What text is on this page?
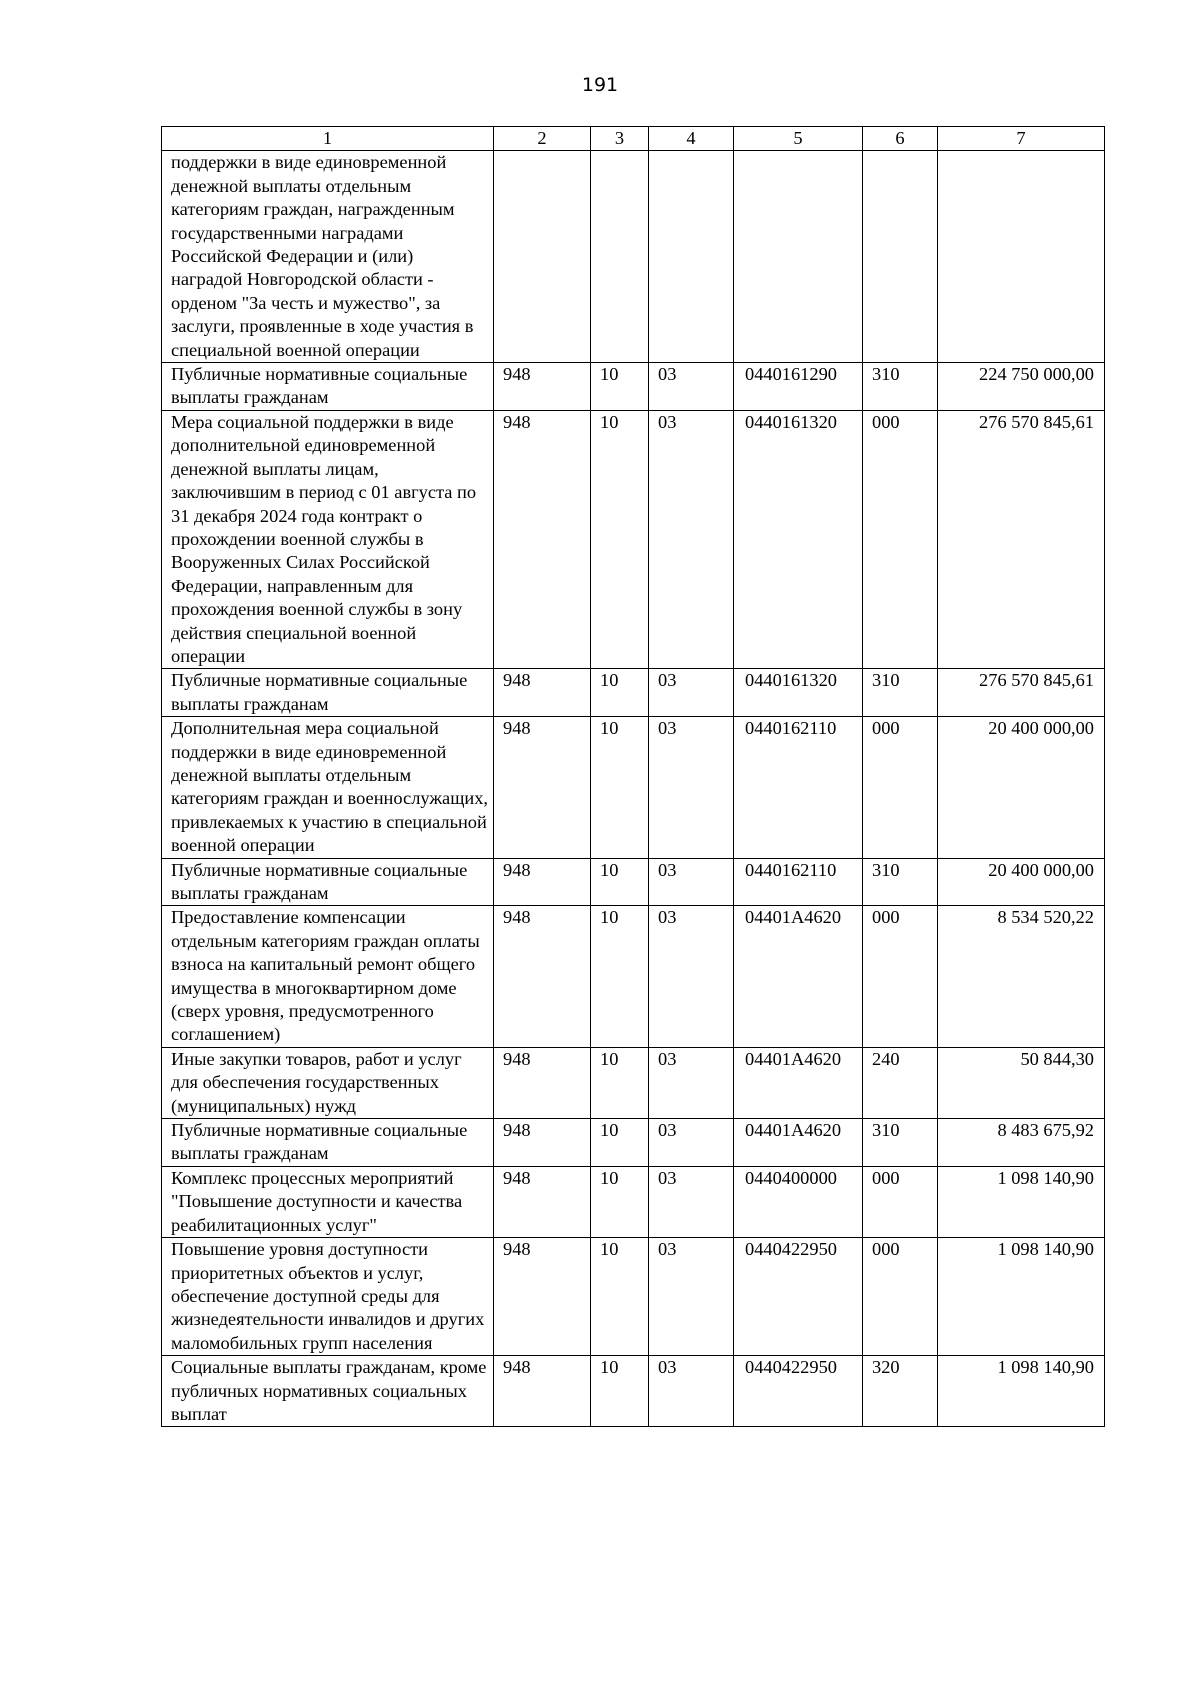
191
1	2	3	4	5	6	7
поддержки в виде единовременной денежной выплаты отдельным категориям граждан, награжденным государственными наградами Российской Федерации и (или) наградой Новгородской области - орденом "За честь и мужество", за заслуги, проявленные в ходе участия в специальной военной операции						
Публичные нормативные социальные выплаты гражданам	948	10	03	0440161290	310	224 750 000,00
Мера социальной поддержки в виде дополнительной единовременной денежной выплаты лицам, заключившим в период с 01 августа по 31 декабря 2024 года контракт о прохождении военной службы в Вооруженных Силах Российской Федерации, направленным для прохождения военной службы в зону действия специальной военной операции	948	10	03	0440161320	000	276 570 845,61
Публичные нормативные социальные выплаты гражданам	948	10	03	0440161320	310	276 570 845,61
Дополнительная мера социальной поддержки в виде единовременной денежной выплаты отдельным категориям граждан и военнослужащих, привлекаемых к участию в специальной военной операции	948	10	03	0440162110	000	20 400 000,00
Публичные нормативные социальные выплаты гражданам	948	10	03	0440162110	310	20 400 000,00
Предоставление компенсации отдельным категориям граждан оплаты взноса на капитальный ремонт общего имущества в многоквартирном доме (сверх уровня, предусмотренного соглашением)	948	10	03	04401А4620	000	8 534 520,22
Иные закупки товаров, работ и услуг для обеспечения государственных (муниципальных) нужд	948	10	03	04401А4620	240	50 844,30
Публичные нормативные социальные выплаты гражданам	948	10	03	04401А4620	310	8 483 675,92
Комплекс процессных мероприятий "Повышение доступности и качества реабилитационных услуг"	948	10	03	0440400000	000	1 098 140,90
Повышение уровня доступности приоритетных объектов и услуг, обеспечение доступной среды для жизнедеятельности инвалидов и других маломобильных групп населения	948	10	03	0440422950	000	1 098 140,90
Социальные выплаты гражданам, кроме публичных нормативных социальных выплат	948	10	03	0440422950	320	1 098 140,90
